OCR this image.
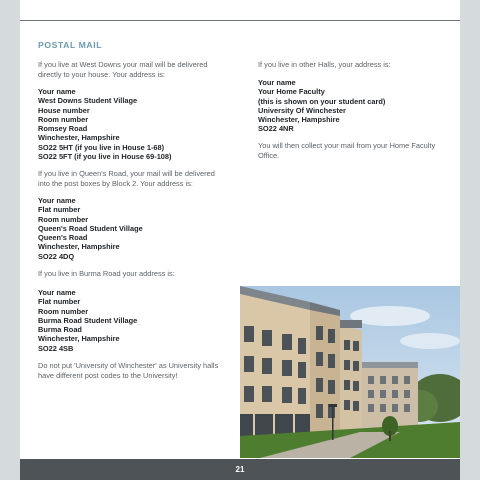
POSTAL MAIL
If you live at West Downs your mail will be delivered
directly to your house. Your address is:
Your name
West Downs Student Village
House number
Room number
Romsey Road
Winchester, Hampshire
SO22 5HT (if you live in House 1-68)
SO22 5FT (if you live in House 69-108)
If you live in Queen's Road, your mail will be delivered
into the post boxes by Block 2. Your address is:
Your name
Flat number
Room number
Queen's Road Student Village
Queen's Road
Winchester, Hampshire
SO22 4DQ
If you live in Burma Road your address is:
Your name
Flat number
Room number
Burma Road Student Village
Burma Road
Winchester, Hampshire
SO22 4SB
Do not put 'University of Winchester' as University halls
have different post codes to the University!
If you live in other Halls, your address is:
Your name
Your Home Faculty
(this is shown on your student card)
University Of Winchester
Winchester, Hampshire
SO22 4NR
You will then collect your mail from your Home Faculty
Office.
21
